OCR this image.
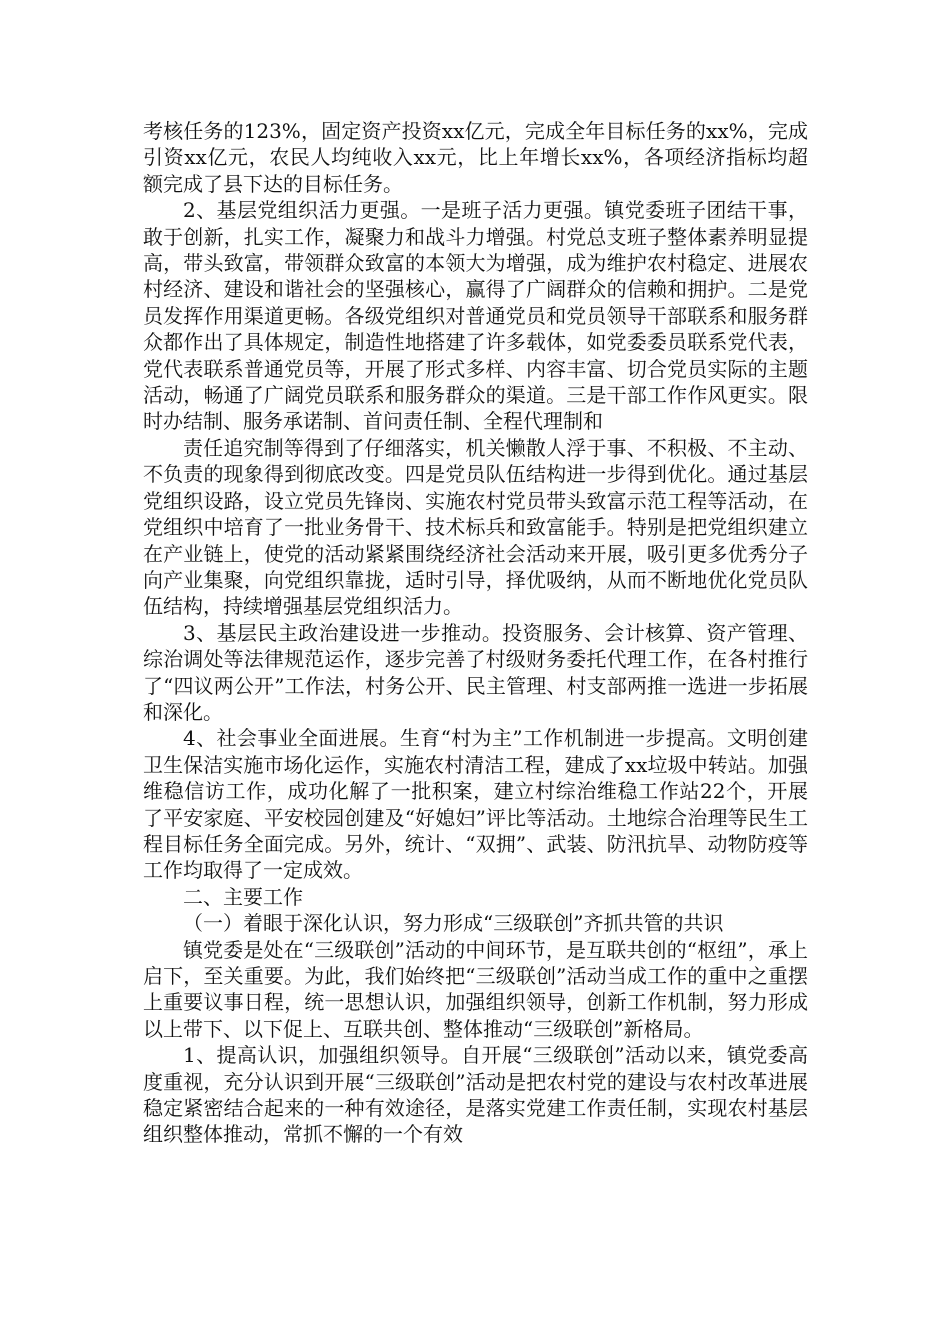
考核任务的123%，固定资产投资xx亿元，完成全年目标任务的xx%，完成引资xx亿元，农民人均纯收入xx元，比上年增长xx%，各项经济指标均超额完成了县下达的目标任务。

2、基层党组织活力更强。一是班子活力更强。镇党委班子团结干事，敢于创新，扎实工作，凝聚力和战斗力增强。村党总支班子整体素养明显提高，带头致富，带领群众致富的本领大为增强，成为维护农村稳定、进展农村经济、建设和谐社会的坚强核心，赢得了广阔群众的信赖和拥护。二是党员发挥作用渠道更畅。各级党组织对普通党员和党员领导干部联系和服务群众都作出了具体规定，制造性地搭建了许多载体，如党委委员联系党代表，党代表联系普通党员等，开展了形式多样、内容丰富、切合党员实际的主题活动，畅通了广阔党员联系和服务群众的渠道。三是干部工作作风更实。限时办结制、服务承诺制、首问责任制、全程代理制和

责任追究制等得到了仔细落实，机关懒散人浮于事、不积极、不主动、不负责的现象得到彻底改变。四是党员队伍结构进一步得到优化。通过基层党组织设路，设立党员先锋岗、实施农村党员带头致富示范工程等活动，在党组织中培育了一批业务骨干、技术标兵和致富能手。特别是把党组织建立在产业链上，使党的活动紧紧围绕经济社会活动来开展，吸引更多优秀分子向产业集聚，向党组织靠拢，适时引导，择优吸纳，从而不断地优化党员队伍结构，持续增强基层党组织活力。

3、基层民主政治建设进一步推动。投资服务、会计核算、资产管理、综治调处等法律规范运作，逐步完善了村级财务委托代理工作，在各村推行了“四议两公开”工作法，村务公开、民主管理、村支部两推一选进一步拓展和深化。

4、社会事业全面进展。生育“村为主”工作机制进一步提高。文明创建卫生保洁实施市场化运作，实施农村清洁工程，建成了xx垃圾中转站。加强维稳信访工作，成功化解了一批积案，建立村综治维稳工作站22个，开展了平安家庭、平安校园创建及“好媳妇”评比等活动。土地综合治理等民生工程目标任务全面完成。另外，统计、“双拥”、武装、防汛抗旱、动物防疫等工作均取得了一定成效。

二、主要工作

（一）着眼于深化认识，努力形成“三级联创”齐抓共管的共识

镇党委是处在“三级联创”活动的中间环节，是互联共创的“枢纽”，承上启下，至关重要。为此，我们始终把“三级联创”活动当成工作的重中之重摆上重要议事日程，统一思想认识，加强组织领导，创新工作机制，努力形成以上带下、以下促上、互联共创、整体推动“三级联创”新格局。

1、提高认识，加强组织领导。自开展“三级联创”活动以来，镇党委高度重视，充分认识到开展“三级联创”活动是把农村党的建设与农村改革进展稳定紧密结合起来的一种有效途径，是落实党建工作责任制，实现农村基层组织整体推动，常抓不懈的一个有效
